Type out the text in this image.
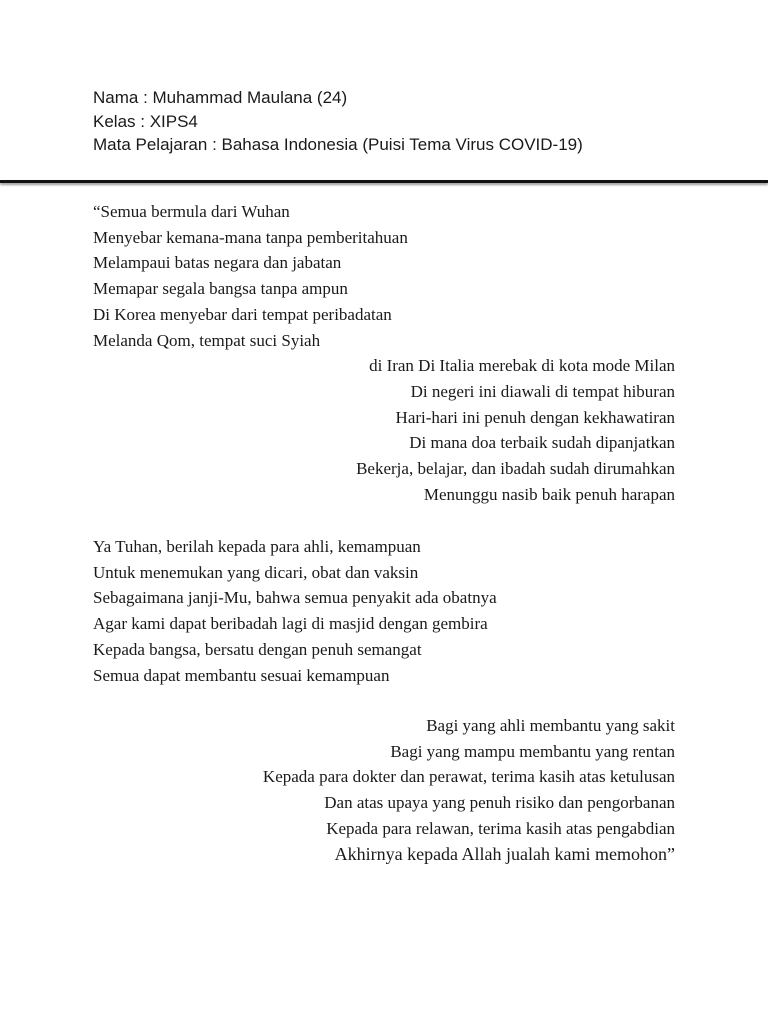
Nama : Muhammad Maulana (24)
Kelas : XIPS4
Mata Pelajaran : Bahasa Indonesia (Puisi Tema Virus COVID-19)
“Semua bermula dari Wuhan
Menyebar kemana-mana tanpa pemberitahuan
Melampaui batas negara dan jabatan
Memapar segala bangsa tanpa ampun
Di Korea menyebar dari tempat peribadatan
Melanda Qom, tempat suci Syiah
di Iran Di Italia merebak di kota mode Milan
Di negeri ini diawali di tempat hiburan
Hari-hari ini penuh dengan kekhawatiran
Di mana doa terbaik sudah dipanjatkan
Bekerja, belajar, dan ibadah sudah dirumahkan
Menunggu nasib baik penuh harapan
Ya Tuhan, berilah kepada para ahli, kemampuan
Untuk menemukan yang dicari, obat dan vaksin
Sebagaimana janji-Mu, bahwa semua penyakit ada obatnya
Agar kami dapat beribadah lagi di masjid dengan gembira
Kepada bangsa, bersatu dengan penuh semangat
Semua dapat membantu sesuai kemampuan
Bagi yang ahli membantu yang sakit
Bagi yang mampu membantu yang rentan
Kepada para dokter dan perawat, terima kasih atas ketulusan
Dan atas upaya yang penuh risiko dan pengorbanan
Kepada para relawan, terima kasih atas pengabdian
Akhirnya kepada Allah jualah kami memohon”
